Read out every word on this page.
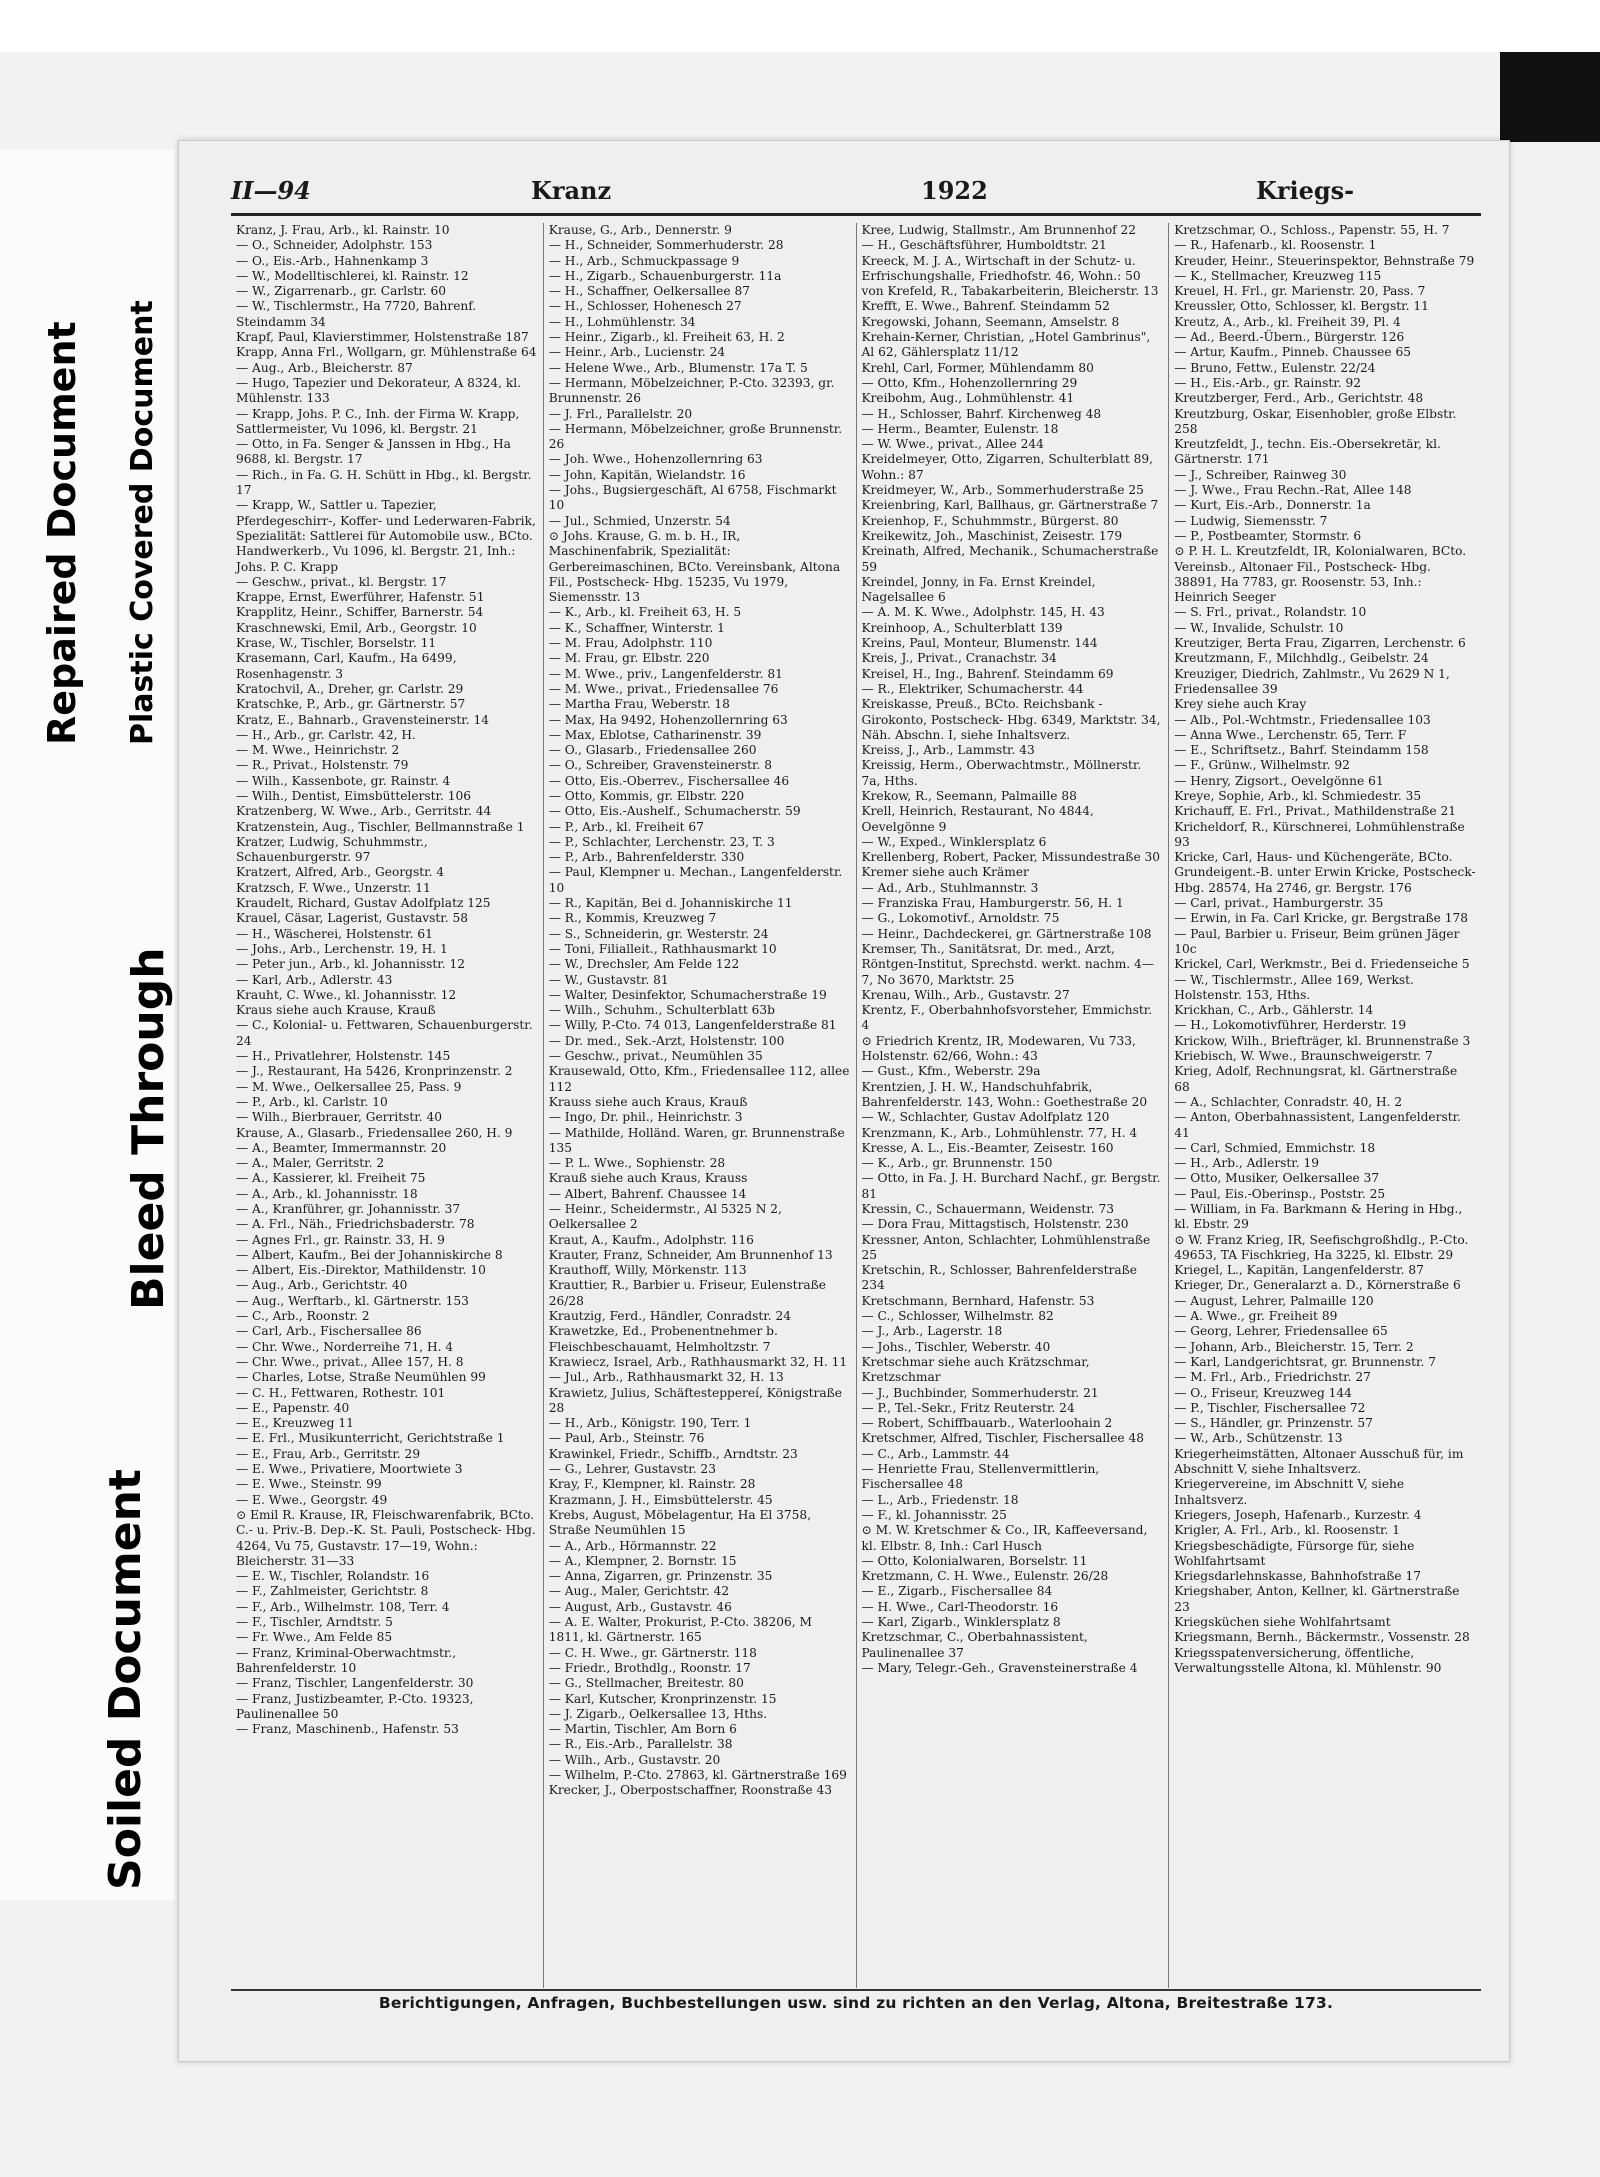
Repaired Document Plastic Covered Document
Bleed Through
Soiled Document
II—94	Kranz	1922	Kriegs-

Kranz, J. Frau, Arb., kl. Rainstr. 10

— O., Schneider, Adolphstr. 153

— O., Eis.-Arb., Hahnenkamp 3

— W., Modelltischlerei, kl. Rainstr. 12

— W., Zigarrenarb., gr. Carlstr. 60

— W., Tischlermstr., Ha 7720, Bahrenf. Steindamm 34

Krapf, Paul, Klavierstimmer, Holstenstraße 187

Krapp, Anna Frl., Wollgarn, gr. Mühlenstraße 64

— Aug., Arb., Bleicherstr. 87

— Hugo, Tapezier und Dekorateur, A 8324, kl. Mühlenstr. 133

— Krapp, Johs. P. C., Inh. der Firma W. Krapp, Sattlermeister, Vu 1096, kl. Bergstr. 21

— Otto, in Fa. Senger & Janssen in Hbg., Ha 9688, kl. Bergstr. 17

— Rich., in Fa. G. H. Schütt in Hbg., kl. Bergstr. 17

— Krapp, W., Sattler u. Tapezier, Pferdegeschirr-, Koffer- und Lederwaren-Fabrik, Spezialität: Sattlerei für Automobile usw., BCto. Handwerkerb., Vu 1096, kl. Bergstr. 21, Inh.: Johs. P. C. Krapp

— Geschw., privat., kl. Bergstr. 17

Krappe, Ernst, Ewerführer, Hafenstr. 51

Krapplitz, Heinr., Schiffer, Barnerstr. 54

Kraschnewski, Emil, Arb., Georgstr. 10

Krase, W., Tischler, Borselstr. 11

Krasemann, Carl, Kaufm., Ha 6499, Rosenhagenstr. 3

Kratochvil, A., Dreher, gr. Carlstr. 29

Kratschke, P., Arb., gr. Gärtnerstr. 57

Kratz, E., Bahnarb., Gravensteinerstr. 14

— H., Arb., gr. Carlstr. 42, H.

— M. Wwe., Heinrichstr. 2

— R., Privat., Holstenstr. 79

— Wilh., Kassenbote, gr. Rainstr. 4

— Wilh., Dentist, Eimsbüttelerstr. 106

Kratzenberg, W. Wwe., Arb., Gerritstr. 44

Kratzenstein, Aug., Tischler, Bellmannstraße 1

Kratzer, Ludwig, Schuhmmstr., Schauenburgerstr. 97

Kratzert, Alfred, Arb., Georgstr. 4

Kratzsch, F. Wwe., Unzerstr. 11

Kraudelt, Richard, Gustav Adolfplatz 125

Krauel, Cäsar, Lagerist, Gustavstr. 58

— H., Wäscherei, Holstenstr. 61

— Johs., Arb., Lerchenstr. 19, H. 1

— Peter jun., Arb., kl. Johannisstr. 12

— Karl, Arb., Adlerstr. 43

Krauht, C. Wwe., kl. Johannisstr. 12

Kraus siehe auch Krause, Krauß

— C., Kolonial- u. Fettwaren, Schauenburgerstr. 24

— H., Privatlehrer, Holstenstr. 145

— J., Restaurant, Ha 5426, Kronprinzenstr. 2

— M. Wwe., Oelkersallee 25, Pass. 9

— P., Arb., kl. Carlstr. 10

— Wilh., Bierbrauer, Gerritstr. 40

Krause, A., Glasarb., Friedensallee 260, H. 9

— A., Beamter, Immermannstr. 20

— A., Maler, Gerritstr. 2

— A., Kassierer, kl. Freiheit 75

— A., Arb., kl. Johannisstr. 18

— A., Kranführer, gr. Johannisstr. 37

— A. Frl., Näh., Friedrichsbaderstr. 78

— Agnes Frl., gr. Rainstr. 33, H. 9

— Albert, Kaufm., Bei der Johanniskirche 8

— Albert, Eis.-Direktor, Mathildenstr. 10

— Aug., Arb., Gerichtstr. 40

— Aug., Werftarb., kl. Gärtnerstr. 153

— C., Arb., Roonstr. 2

— Carl, Arb., Fischersallee 86

— Chr. Wwe., Norderreihe 71, H. 4

— Chr. Wwe., privat., Allee 157, H. 8

— Charles, Lotse, Straße Neumühlen 99

— C. H., Fettwaren, Rothestr. 101

— E., Papenstr. 40

— E., Kreuzweg 11

— E. Frl., Musikunterricht, Gerichtstraße 1

— E., Frau, Arb., Gerritstr. 29

— E. Wwe., Privatiere, Moortwiete 3

— E. Wwe., Steinstr. 99

— E. Wwe., Georgstr. 49

⊙ Emil R. Krause, IR, Fleischwarenfabrik, BCto. C.- u. Priv.-B. Dep.-K. St. Pauli, Postscheck- Hbg. 4264, Vu 75, Gustavstr. 17—19, Wohn.: Bleicherstr. 31—33

— E. W., Tischler, Rolandstr. 16

— F., Zahlmeister, Gerichtstr. 8

— F., Arb., Wilhelmstr. 108, Terr. 4

— F., Tischler, Arndtstr. 5

— Fr. Wwe., Am Felde 85

— Franz, Kriminal-Oberwachtmstr., Bahrenfelderstr. 10

— Franz, Tischler, Langenfelderstr. 30

— Franz, Justizbeamter, P.-Cto. 19323, Paulinenallee 50

— Franz, Maschinenb., Hafenstr. 53

Krause, G., Arb., Dennerstr. 9

— H., Schneider, Sommerhuderstr. 28

— H., Arb., Schmuckpassage 9

— H., Zigarb., Schauenburgerstr. 11a

— H., Schaffner, Oelkersallee 87

— H., Schlosser, Hohenesch 27

— H., Lohmühlenstr. 34

— Heinr., Zigarb., kl. Freiheit 63, H. 2

— Heinr., Arb., Lucienstr. 24

— Helene Wwe., Arb., Blumenstr. 17a T. 5

— Hermann, Möbelzeichner, P.-Cto. 32393, gr. Brunnenstr. 26

— J. Frl., Parallelstr. 20

— Hermann, Möbelzeichner, große Brunnenstr. 26

— Joh. Wwe., Hohenzollernring 63

— John, Kapitän, Wielandstr. 16

— Johs., Bugsiergeschäft, Al 6758, Fischmarkt 10

— Jul., Schmied, Unzerstr. 54

⊙ Johs. Krause, G. m. b. H., IR, Maschinenfabrik, Spezialität: Gerbereimaschinen, BCto. Vereinsbank, Altona Fil., Postscheck- Hbg. 15235, Vu 1979, Siemensstr. 13

— K., Arb., kl. Freiheit 63, H. 5

— K., Schaffner, Winterstr. 1

— M. Frau, Adolphstr. 110

— M. Frau, gr. Elbstr. 220

— M. Wwe., priv., Langenfelderstr. 81

— M. Wwe., privat., Friedensallee 76

— Martha Frau, Weberstr. 18

— Max, Ha 9492, Hohenzollernring 63

— Max, Eblotse, Catharinenstr. 39

— O., Glasarb., Friedensallee 260

— O., Schreiber, Gravensteinerstr. 8

— Otto, Eis.-Oberrev., Fischersallee 46

— Otto, Kommis, gr. Elbstr. 220

— Otto, Eis.-Aushelf., Schumacherstr. 59

— P., Arb., kl. Freiheit 67

— P., Schlachter, Lerchenstr. 23, T. 3

— P., Arb., Bahrenfelderstr. 330

— Paul, Klempner u. Mechan., Langenfelderstr. 10

— R., Kapitän, Bei d. Johanniskirche 11

— R., Kommis, Kreuzweg 7

— S., Schneiderin, gr. Westerstr. 24

— Toni, Filialleit., Rathhausmarkt 10

— W., Drechsler, Am Felde 122

— W., Gustavstr. 81

— Walter, Desinfektor, Schumacherstraße 19

— Wilh., Schuhm., Schulterblatt 63b

— Willy, P.-Cto. 74 013, Langenfelderstraße 81

— Dr. med., Sek.-Arzt, Holstenstr. 100

— Geschw., privat., Neumühlen 35

Krausewald, Otto, Kfm., Friedensallee 112, allee 112

Krauss siehe auch Kraus, Krauß

— Ingo, Dr. phil., Heinrichstr. 3

— Mathilde, Holländ. Waren, gr. Brunnenstraße 135

— P. L. Wwe., Sophienstr. 28

Krauß siehe auch Kraus, Krauss

— Albert, Bahrenf. Chaussee 14

— Heinr., Scheidermstr., Al 5325 N 2, Oelkersallee 2

Kraut, A., Kaufm., Adolphstr. 116

Krauter, Franz, Schneider, Am Brunnenhof 13

Krauthoff, Willy, Mörkenstr. 113

Krauttier, R., Barbier u. Friseur, Eulenstraße 26/28

Krautzig, Ferd., Händler, Conradstr. 24

Krawetzke, Ed., Probenentnehmer b. Fleischbeschauamt, Helmholtzstr. 7

Krawiecz, Israel, Arb., Rathhausmarkt 32, H. 11

— Jul., Arb., Rathhausmarkt 32, H. 13

Krawietz, Julius, Schäftesteppereí, Königstraße 28

— H., Arb., Königstr. 190, Terr. 1

— Paul, Arb., Steinstr. 76

Krawinkel, Friedr., Schiffb., Arndtstr. 23

— G., Lehrer, Gustavstr. 23

Kray, F., Klempner, kl. Rainstr. 28

Krazmann, J. H., Eimsbüttelerstr. 45

Krebs, August, Möbelagentur, Ha El 3758, Straße Neumühlen 15

— A., Arb., Hörmannstr. 22

— A., Klempner, 2. Bornstr. 15

— Anna, Zigarren, gr. Prinzenstr. 35

— Aug., Maler, Gerichtstr. 42

— August, Arb., Gustavstr. 46

— A. E. Walter, Prokurist, P.-Cto. 38206, M 1811, kl. Gärtnerstr. 165

— C. H. Wwe., gr. Gärtnerstr. 118

— Friedr., Brothdlg., Roonstr. 17

— G., Stellmacher, Breitestr. 80

— Karl, Kutscher, Kronprinzenstr. 15

— J. Zigarb., Oelkersallee 13, Hths.

— Martin, Tischler, Am Born 6

— R., Eis.-Arb., Parallelstr. 38

— Wilh., Arb., Gustavstr. 20

— Wilhelm, P.-Cto. 27863, kl. Gärtnerstraße 169

Krecker, J., Oberpostschaffner, Roonstraße 43

Kree, Ludwig, Stallmstr., Am Brunnenhof 22

— H., Geschäftsführer, Humboldtstr. 21

Kreeck, M. J. A., Wirtschaft in der Schutz- u. Erfrischungshalle, Friedhofstr. 46, Wohn.: 50

von Krefeld, R., Tabakarbeiterin, Bleicherstr. 13

Krefft, E. Wwe., Bahrenf. Steindamm 52

Kregowski, Johann, Seemann, Amselstr. 8

Krehain-Kerner, Christian, „Hotel Gambrinus", Al 62, Gählersplatz 11/12

Krehl, Carl, Former, Mühlendamm 80

— Otto, Kfm., Hohenzollernring 29

Kreibohm, Aug., Lohmühlenstr. 41

— H., Schlosser, Bahrf. Kirchenweg 48

— Herm., Beamter, Eulenstr. 18

— W. Wwe., privat., Allee 244

Kreidelmeyer, Otto, Zigarren, Schulterblatt 89, Wohn.: 87

Kreidmeyer, W., Arb., Sommerhuderstraße 25

Kreienbring, Karl, Ballhaus, gr. Gärtnerstraße 7

Kreienhop, F., Schuhmmstr., Bürgerst. 80

Kreikewitz, Joh., Maschinist, Zeisestr. 179

Kreinath, Alfred, Mechanik., Schumacherstraße 59

Kreindel, Jonny, in Fa. Ernst Kreindel, Nagelsallee 6

— A. M. K. Wwe., Adolphstr. 145, H. 43

Kreinhoop, A., Schulterblatt 139

Kreins, Paul, Monteur, Blumenstr. 144

Kreis, J., Privat., Cranachstr. 34

Kreisel, H., Ing., Bahrenf. Steindamm 69

— R., Elektriker, Schumacherstr. 44

Kreiskasse, Preuß., BCto. Reichsbank - Girokonto, Postscheck- Hbg. 6349, Marktstr. 34, Näh. Abschn. I, siehe Inhaltsverz.

Kreiss, J., Arb., Lammstr. 43

Kreissig, Herm., Oberwachtmstr., Möllnerstr. 7a, Hths.

Krekow, R., Seemann, Palmaille 88

Krell, Heinrich, Restaurant, No 4844, Oevelgönne 9

— W., Exped., Winklersplatz 6

Krellenberg, Robert, Packer, Missundestraße 30

Kremer siehe auch Krämer

— Ad., Arb., Stuhlmannstr. 3

— Franziska Frau, Hamburgerstr. 56, H. 1

— G., Lokomotivf., Arnoldstr. 75

— Heinr., Dachdeckerei, gr. Gärtnerstraße 108

Kremser, Th., Sanitätsrat, Dr. med., Arzt, Röntgen-Institut, Sprechstd. werkt. nachm. 4—7, No 3670, Marktstr. 25

Krenau, Wilh., Arb., Gustavstr. 27

Krentz, F., Oberbahnhofsvorsteher, Emmichstr. 4

⊙ Friedrich Krentz, IR, Modewaren, Vu 733, Holstenstr. 62/66, Wohn.: 43

— Gust., Kfm., Weberstr. 29a

Krentzien, J. H. W., Handschuhfabrik, Bahrenfelderstr. 143, Wohn.: Goethestraße 20

— W., Schlachter, Gustav Adolfplatz 120

Krenzmann, K., Arb., Lohmühlenstr. 77, H. 4

Kresse, A. L., Eis.-Beamter, Zeisestr. 160

— K., Arb., gr. Brunnenstr. 150

— Otto, in Fa. J. H. Burchard Nachf., gr. Bergstr. 81

Kressin, C., Schauermann, Weidenstr. 73

— Dora Frau, Mittagstisch, Holstenstr. 230

Kressner, Anton, Schlachter, Lohmühlenstraße 25

Kretschin, R., Schlosser, Bahrenfelderstraße 234

Kretschmann, Bernhard, Hafenstr. 53

— C., Schlosser, Wilhelmstr. 82

— J., Arb., Lagerstr. 18

— Johs., Tischler, Weberstr. 40

Kretschmar siehe auch Krätzschmar, Kretzschmar

— J., Buchbinder, Sommerhuderstr. 21

— P., Tel.-Sekr., Fritz Reuterstr. 24

— Robert, Schiffbauarb., Waterloohain 2

Kretschmer, Alfred, Tischler, Fischersallee 48

— C., Arb., Lammstr. 44

— Henriette Frau, Stellenvermittlerin, Fischersallee 48

— L., Arb., Friedenstr. 18

— F., kl. Johannisstr. 25

⊙ M. W. Kretschmer & Co., IR, Kaffeeversand, kl. Elbstr. 8, Inh.: Carl Husch

— Otto, Kolonialwaren, Borselstr. 11

Kretzmann, C. H. Wwe., Eulenstr. 26/28

— E., Zigarb., Fischersallee 84

— H. Wwe., Carl-Theodorstr. 16

— Karl, Zigarb., Winklersplatz 8

Kretzschmar, C., Oberbahnassistent, Paulinenallee 37

— Mary, Telegr.-Geh., Gravensteinerstraße 4

Kretzschmar, O., Schloss., Papenstr. 55, H. 7

— R., Hafenarb., kl. Roosenstr. 1

Kreuder, Heinr., Steuerinspektor, Behnstraße 79

— K., Stellmacher, Kreuzweg 115

Kreuel, H. Frl., gr. Marienstr. 20, Pass. 7

Kreussler, Otto, Schlosser, kl. Bergstr. 11

Kreutz, A., Arb., kl. Freiheit 39, Pl. 4

— Ad., Beerd.-Übern., Bürgerstr. 126

— Artur, Kaufm., Pinneb. Chaussee 65

— Bruno, Fettw., Eulenstr. 22/24

— H., Eis.-Arb., gr. Rainstr. 92

Kreutzberger, Ferd., Arb., Gerichtstr. 48

Kreutzburg, Oskar, Eisenhobler, große Elbstr. 258

Kreutzfeldt, J., techn. Eis.-Obersekretär, kl. Gärtnerstr. 171

— J., Schreiber, Rainweg 30

— J. Wwe., Frau Rechn.-Rat, Allee 148

— Kurt, Eis.-Arb., Donnerstr. 1a

— Ludwig, Siemensstr. 7

— P., Postbeamter, Stormstr. 6

⊙ P. H. L. Kreutzfeldt, IR, Kolonialwaren, BCto. Vereinsb., Altonaer Fil., Postscheck- Hbg. 38891, Ha 7783, gr. Roosenstr. 53, Inh.: Heinrich Seeger

— S. Frl., privat., Rolandstr. 10

— W., Invalide, Schulstr. 10

Kreutziger, Berta Frau, Zigarren, Lerchenstr. 6

Kreutzmann, F., Milchhdlg., Geibelstr. 24

Kreuziger, Diedrich, Zahlmstr., Vu 2629 N 1, Friedensallee 39

Krey siehe auch Kray

— Alb., Pol.-Wchtmstr., Friedensallee 103

— Anna Wwe., Lerchenstr. 65, Terr. F

— E., Schriftsetz., Bahrf. Steindamm 158

— F., Grünw., Wilhelmstr. 92

— Henry, Zigsort., Oevelgönne 61

Kreye, Sophie, Arb., kl. Schmiedestr. 35

Krichauff, E. Frl., Privat., Mathildenstraße 21

Kricheldorf, R., Kürschnerei, Lohmühlenstraße 93

Kricke, Carl, Haus- und Küchengeräte, BCto. Grundeigent.-B. unter Erwin Kricke, Postscheck- Hbg. 28574, Ha 2746, gr. Bergstr. 176

— Carl, privat., Hamburgerstr. 35

— Erwin, in Fa. Carl Kricke, gr. Bergstraße 178

— Paul, Barbier u. Friseur, Beim grünen Jäger 10c

Krickel, Carl, Werkmstr., Bei d. Friedenseiche 5

— W., Tischlermstr., Allee 169, Werkst. Holstenstr. 153, Hths.

Krickhan, C., Arb., Gählerstr. 14

— H., Lokomotivführer, Herderstr. 19

Krickow, Wilh., Briefträger, kl. Brunnenstraße 3

Kriebisch, W. Wwe., Braunschweigerstr. 7

Krieg, Adolf, Rechnungsrat, kl. Gärtnerstraße 68

— A., Schlachter, Conradstr. 40, H. 2

— Anton, Oberbahnassistent, Langenfelderstr. 41

— Carl, Schmied, Emmichstr. 18

— H., Arb., Adlerstr. 19

— Otto, Musiker, Oelkersallee 37

— Paul, Eis.-Oberinsp., Poststr. 25

— William, in Fa. Barkmann & Hering in Hbg., kl. Ebstr. 29

⊙ W. Franz Krieg, IR, Seefischgroßhdlg., P.-Cto. 49653, TA Fischkrieg, Ha 3225, kl. Elbstr. 29

Kriegel, L., Kapitän, Langenfelderstr. 87

Krieger, Dr., Generalarzt a. D., Körnerstraße 6

— August, Lehrer, Palmaille 120

— A. Wwe., gr. Freiheit 89

— Georg, Lehrer, Friedensallee 65

— Johann, Arb., Bleicherstr. 15, Terr. 2

— Karl, Landgerichtsrat, gr. Brunnenstr. 7

— M. Frl., Arb., Friedrichstr. 27

— O., Friseur, Kreuzweg 144

— P., Tischler, Fischersallee 72

— S., Händler, gr. Prinzenstr. 57

— W., Arb., Schützenstr. 13

Kriegerheimstätten, Altonaer Ausschuß für, im Abschnitt V, siehe Inhaltsverz.

Kriegervereine, im Abschnitt V, siehe Inhaltsverz.

Kriegers, Joseph, Hafenarb., Kurzestr. 4

Krigler, A. Frl., Arb., kl. Roosenstr. 1

Kriegsbeschädigte, Fürsorge für, siehe Wohlfahrtsamt

Kriegsdarlehnskasse, Bahnhofstraße 17

Kriegshaber, Anton, Kellner, kl. Gärtnerstraße 23

Kriegsküchen siehe Wohlfahrtsamt

Kriegsmann, Bernh., Bäckermstr., Vossenstr. 28

Kriegsspatenversicherung, öffentliche, Verwaltungsstelle Altona, kl. Mühlenstr. 90

Berichtigungen, Anfragen, Buchbestellungen usw. sind zu richten an den Verlag, Altona, Breitestraße 173.
